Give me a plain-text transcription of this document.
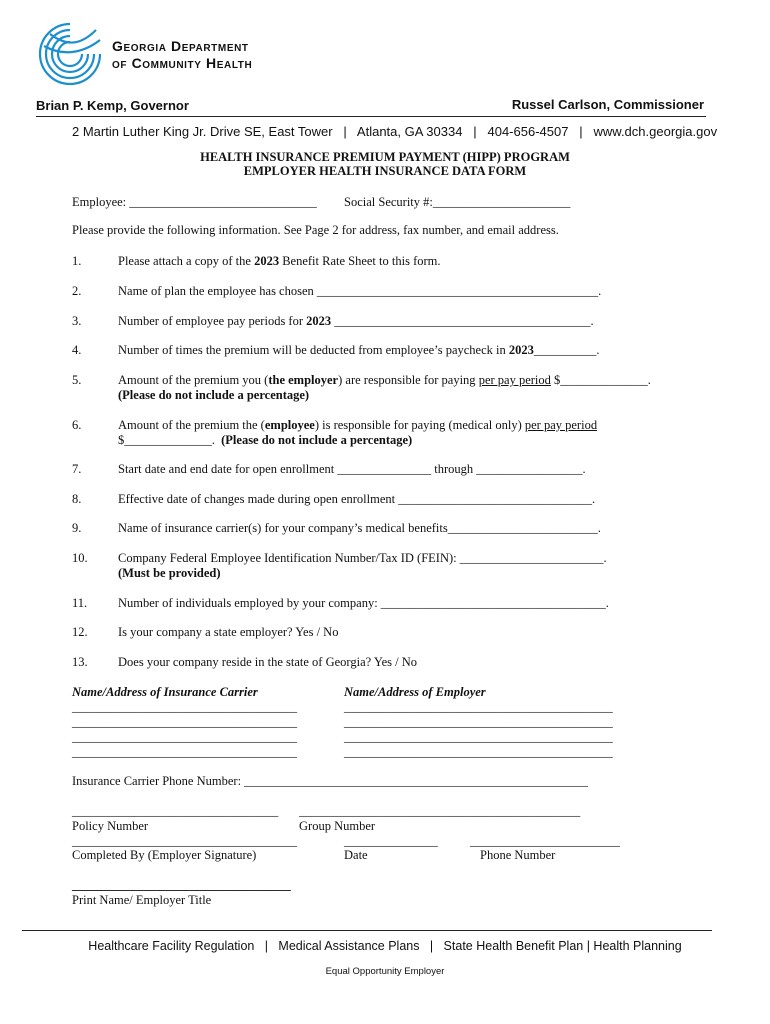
Georgia Department
of Community Health
Brian P. Kemp, Governor	Russel Carlson, Commissioner
2 Martin Luther King Jr. Drive SE, East Tower   |   Atlanta, GA 30334   |   404-656-4507   |   www.dch.georgia.gov
HEALTH INSURANCE PREMIUM PAYMENT (HIPP) PROGRAM
EMPLOYER HEALTH INSURANCE DATA FORM
Employee: ______________________________ Social Security #:______________________
Please provide the following information. See Page 2 for address, fax number, and email address.
1.	Please attach a copy of the 2023 Benefit Rate Sheet to this form.
2.	Name of plan the employee has chosen _____________________________________________.
3.	Number of employee pay periods for 2023 _________________________________________.
4.	Number of times the premium will be deducted from employee’s paycheck in 2023__________.
5.	Amount of the premium you (the employer) are responsible for paying per pay period $______________.
(Please do not include a percentage)
6.	Amount of the premium the (employee) is responsible for paying (medical only) per pay period
$______________.  (Please do not include a percentage)
7.	Start date and end date for open enrollment _______________ through _________________.
8.	Effective date of changes made during open enrollment _______________________________.
9.	Name of insurance carrier(s) for your company’s medical benefits________________________.
10. Company Federal Employee Identification Number/Tax ID (FEIN): _______________________.
(Must be provided)
11. Number of individuals employed by your company: ____________________________________.
12. Is your company a state employer? Yes / No
13. Does your company reside in the state of Georgia? Yes / No
Name/Address of Insurance Carrier	Name/Address of Employer
____________________________________
____________________________________
____________________________________
____________________________________
___________________________________________
___________________________________________
___________________________________________
___________________________________________
Insurance Carrier Phone Number: _______________________________________________________
_________________________________ _____________________________________________
Policy Number	Group Number
____________________________________	_______________	________________________
Completed By (Employer Signature)	Date	Phone Number
___________________________________
Print Name/ Employer Title
Healthcare Facility Regulation   |   Medical Assistance Plans   |   State Health Benefit Plan | Health Planning
Equal Opportunity Employer
